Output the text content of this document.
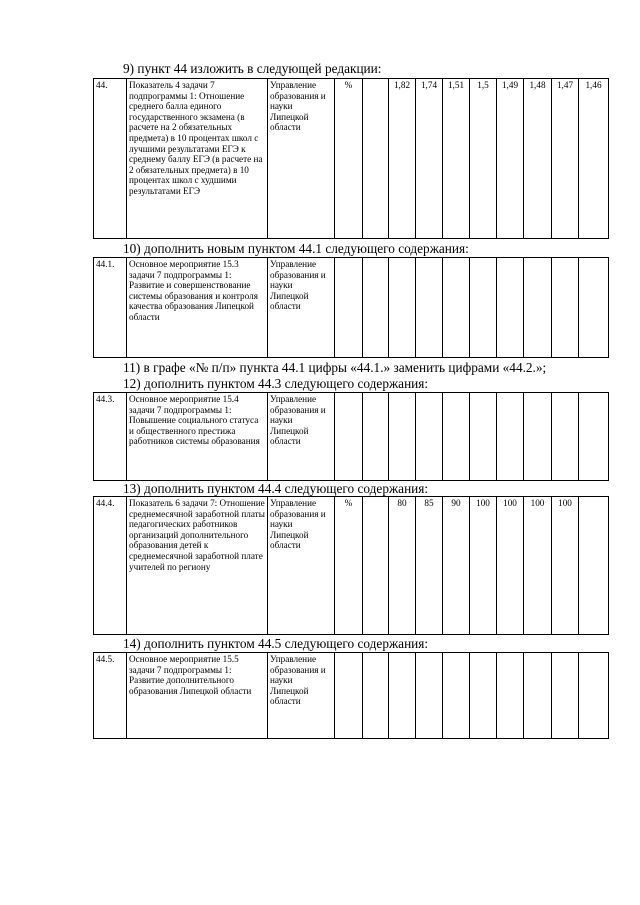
9) пункт 44 изложить в следующей редакции:

44.	Показатель 4 задачи 7 подпрограммы 1: Отношение среднего балла единого государственного экзамена (в расчете на 2 обязательных предмета) в 10 процентах школ с лучшими результатами ЕГЭ к среднему баллу ЕГЭ (в расчете на 2 обязательных предмета) в 10 процентах школ с худшими результатами ЕГЭ	Управление образования и науки Липецкой области	%		1,82	1,74	1,51	1,5	1,49	1,48	1,47	1,46

10) дополнить новым пунктом 44.1 следующего содержания:

44.1.	Основное мероприятие 15.3 задачи 7 подпрограммы 1: Развитие и совершенствование системы образования и контроля качества образования Липецкой области	Управление образования и науки Липецкой области										

11) в графе «№ п/п» пункта 44.1 цифры «44.1.» заменить цифрами «44.2.»;

12) дополнить пунктом 44.3 следующего содержания:

44.3.	Основное мероприятие 15.4 задачи 7 подпрограммы 1: Повышение социального статуса и общественного престижа работников системы образования	Управление образования и науки Липецкой области										

13) дополнить пунктом 44.4 следующего содержания:

44.4.	Показатель 6 задачи 7: Отношение среднемесячной заработной платы педагогических работников организаций дополнительного образования детей к среднемесячной заработной плате учителей по региону	Управление образования и науки Липецкой области	%		80	85	90	100	100	100	100	

14) дополнить пунктом 44.5 следующего содержания:

44.5.	Основное мероприятие 15.5 задачи 7 подпрограммы 1: Развитие дополнительного образования Липецкой области	Управление образования и науки Липецкой области										
